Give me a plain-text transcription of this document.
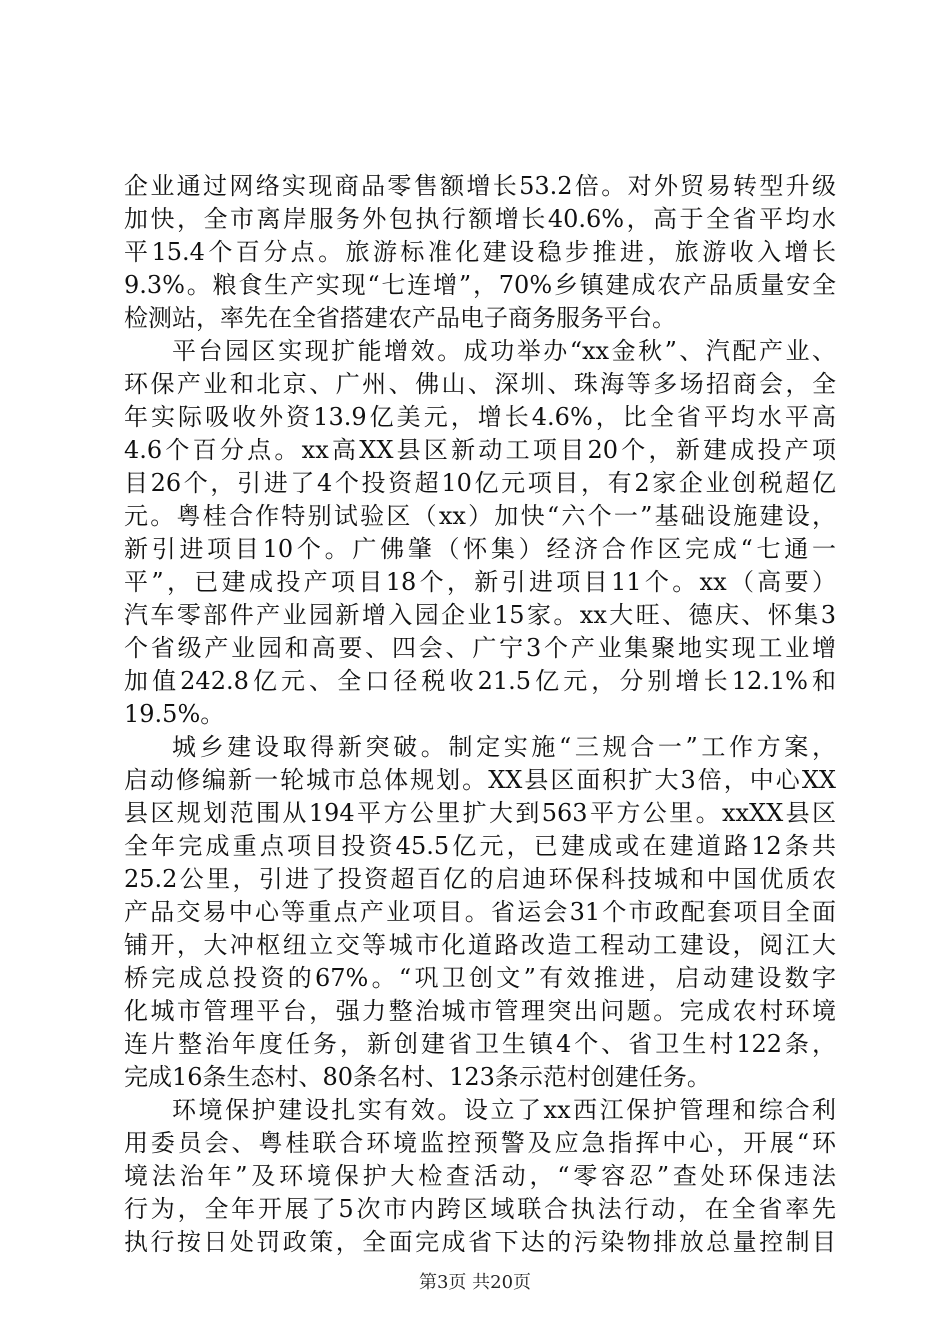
企业通过网络实现商品零售额增长53.2倍。对外贸易转型升级
加快，全市离岸服务外包执行额增长40.6%，高于全省平均水
平15.4个百分点。旅游标准化建设稳步推进，旅游收入增长
9.3%。粮食生产实现“七连增”，70%乡镇建成农产品质量安全
检测站，率先在全省搭建农产品电子商务服务平台。
平台园区实现扩能增效。成功举办“xx金秋”、汽配产业、
环保产业和北京、广州、佛山、深圳、珠海等多场招商会，全
年实际吸收外资13.9亿美元，增长4.6%，比全省平均水平高
4.6个百分点。xx高XX县区新动工项目20个，新建成投产项
目26个，引进了4个投资超10亿元项目，有2家企业创税超亿
元。粤桂合作特别试验区（xx）加快“六个一”基础设施建设，
新引进项目10个。广佛肇（怀集）经济合作区完成“七通一
平”，已建成投产项目18个，新引进项目11个。xx（高要）
汽车零部件产业园新增入园企业15家。xx大旺、德庆、怀集3
个省级产业园和高要、四会、广宁3个产业集聚地实现工业增
加值242.8亿元、全口径税收21.5亿元，分别增长12.1%和
19.5%。
城乡建设取得新突破。制定实施“三规合一”工作方案，
启动修编新一轮城市总体规划。XX县区面积扩大3倍，中心XX
县区规划范围从194平方公里扩大到563平方公里。xxXX县区
全年完成重点项目投资45.5亿元，已建成或在建道路12条共
25.2公里，引进了投资超百亿的启迪环保科技城和中国优质农
产品交易中心等重点产业项目。省运会31个市政配套项目全面
铺开，大冲枢纽立交等城市化道路改造工程动工建设，阅江大
桥完成总投资的67%。“巩卫创文”有效推进，启动建设数字
化城市管理平台，强力整治城市管理突出问题。完成农村环境
连片整治年度任务，新创建省卫生镇4个、省卫生村122条，
完成16条生态村、80条名村、123条示范村创建任务。
环境保护建设扎实有效。设立了xx西江保护管理和综合利
用委员会、粤桂联合环境监控预警及应急指挥中心，开展“环
境法治年”及环境保护大检查活动，“零容忍”查处环保违法
行为，全年开展了5次市内跨区域联合执法行动，在全省率先
执行按日处罚政策，全面完成省下达的污染物排放总量控制目
第3页 共20页
